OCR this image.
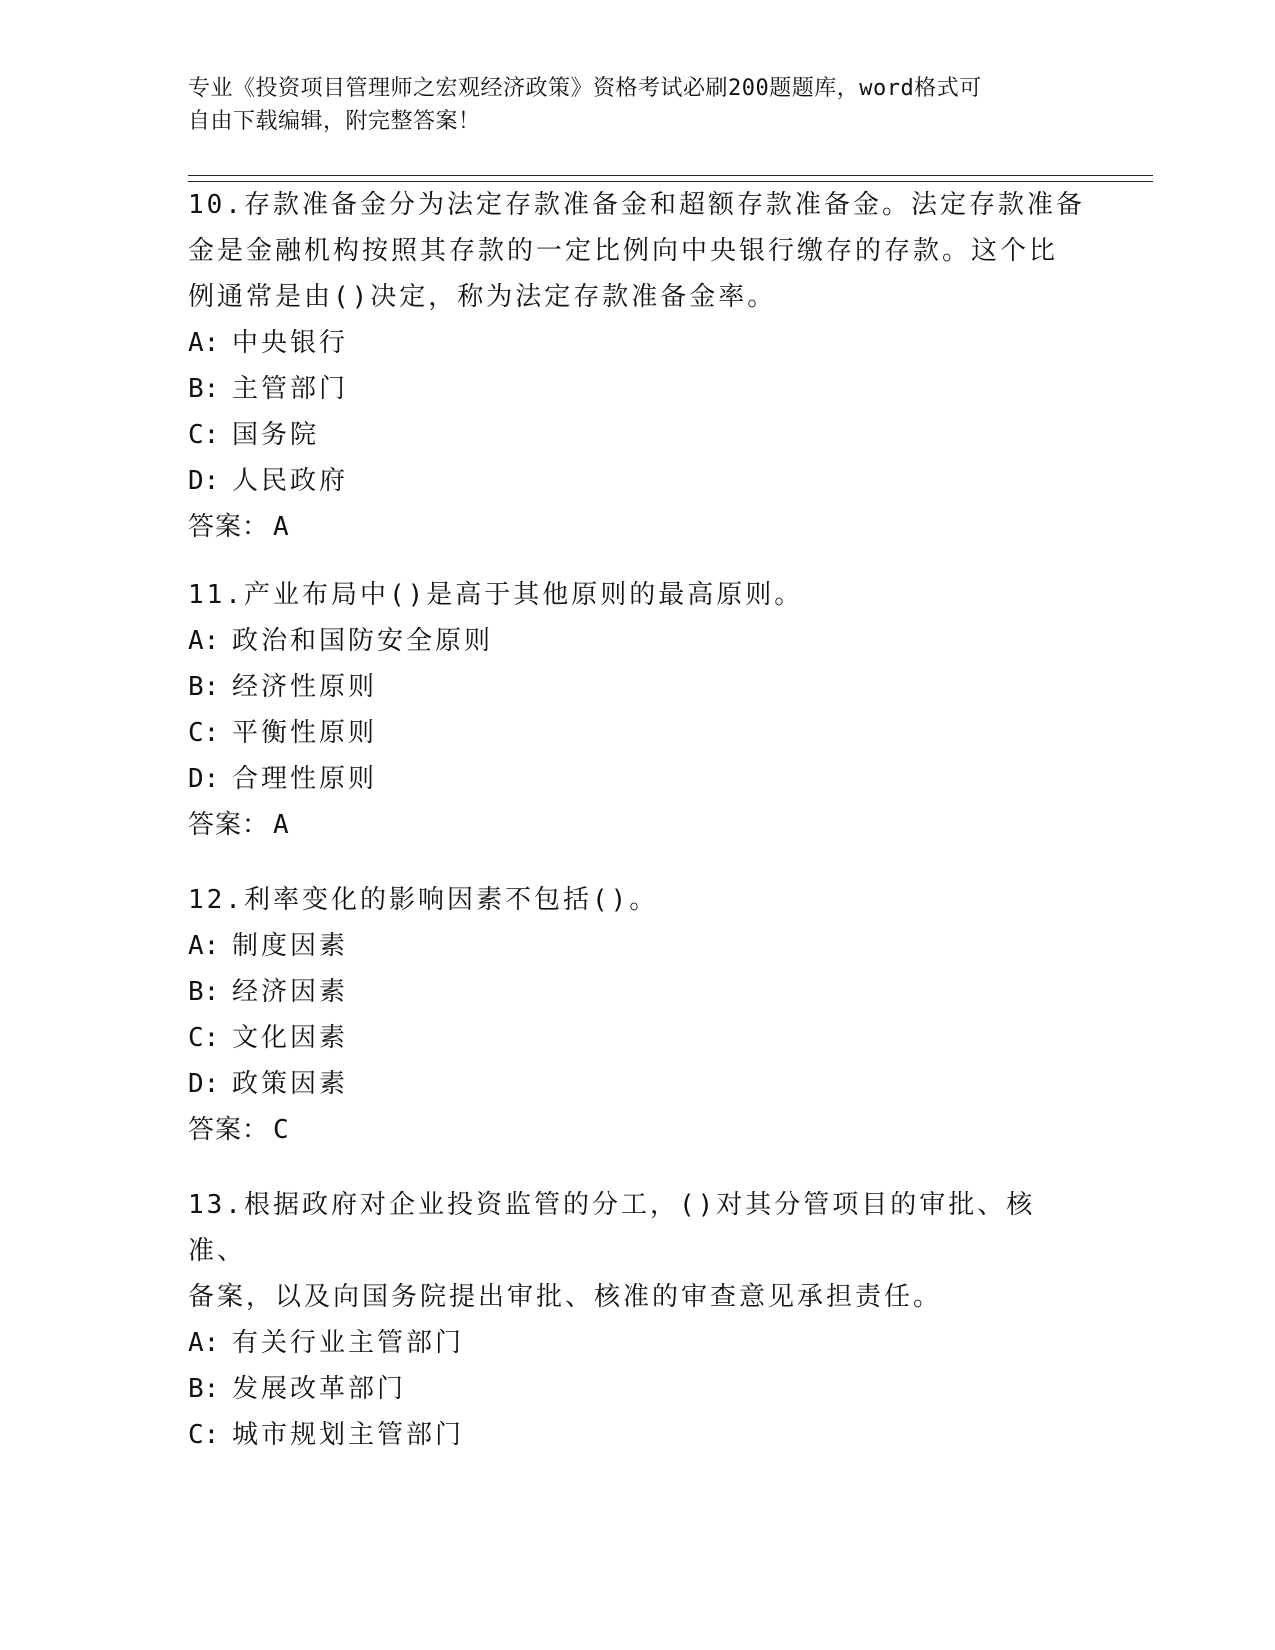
专业《投资项目管理师之宏观经济政策》资格考试必刷200题题库，word格式可
自由下载编辑，附完整答案！
10.存款准备金分为法定存款准备金和超额存款准备金。法定存款准备
金是金融机构按照其存款的一定比例向中央银行缴存的存款。这个比
例通常是由()决定，称为法定存款准备金率。
A: 中央银行
B: 主管部门
C: 国务院
D: 人民政府
答案： A
11.产业布局中()是高于其他原则的最高原则。
A: 政治和国防安全原则
B: 经济性原则
C: 平衡性原则
D: 合理性原则
答案： A
12.利率变化的影响因素不包括()。
A: 制度因素
B: 经济因素
C: 文化因素
D: 政策因素
答案： C
13.根据政府对企业投资监管的分工，()对其分管项目的审批、核准、
备案，以及向国务院提出审批、核准的审查意见承担责任。
A: 有关行业主管部门
B: 发展改革部门
C: 城市规划主管部门
